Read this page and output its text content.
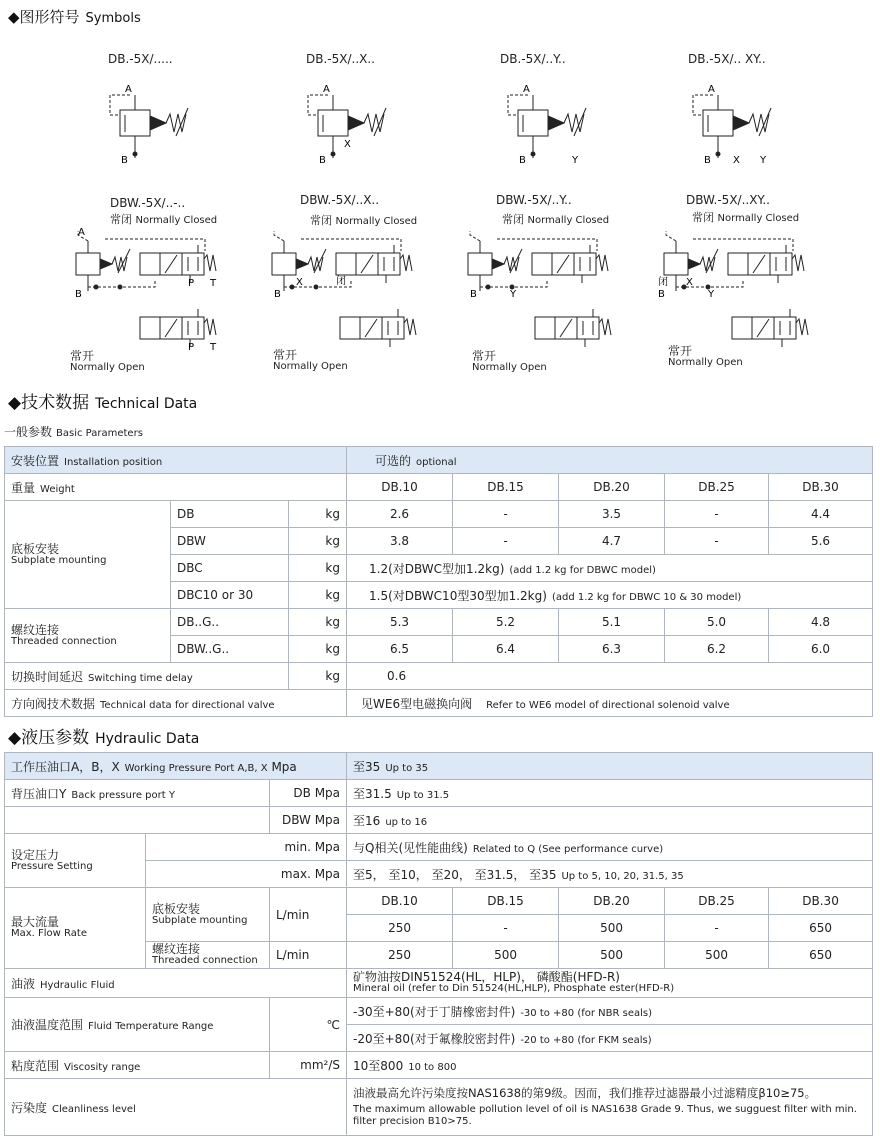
◆图形符号 Symbols
DB.-5X/.....	DB.-5X/..X..	DB.-5X/..Y..	DB.-5X/.. XY..
A
B
A
B
X
A
B	Y
A
B X Y
DBW.-5X/..-..
常闭 Normally Closed
DBW.-5X/..X..
常闭 Normally Closed
DBW.-5X/..Y..
常闭 Normally Closed
DBW.-5X/..XY..
常闭 Normally Closed
A
B
P T
P T
B
X	闭
B	Y
闭
B
X
Y
常开
Normally Open
常开
Normally Open
常开
Normally Open
常开
Normally Open
◆技术数据 Technical Data
一般参数 Basic Parameters
安装位置 Installation position			可选的 optional				
重量 Weight			DB.10	DB.15	DB.20	DB.25	DB.30
底板安装
Subplate mounting	DB	kg	2.6	-	3.5	-	4.4
	DBW	kg	3.8	-	4.7	-	5.6
	DBC	kg	1.2(对DBWC型加1.2kg) (add 1.2 kg for DBWC model)				
	DBC10 or 30	kg	1.5(对DBWC10型30型加1.2kg) (add 1.2 kg for DBWC 10 & 30 model)				
螺纹连接
Threaded connection	DB..G..	kg	5.3	5.2	5.1	5.0	4.8
	DBW..G..	kg	6.5	6.4	6.3	6.2	6.0
切换时间延迟 Switching time delay		kg	0.6				
方向阀技术数据 Technical data for directional valve			见WE6型电磁换向阀 Refer to WE6 model of directional solenoid valve				
◆液压参数 Hydraulic Data
工作压油口A，B，X Working Pressure Port A,B, X Mpa			至35 Up to 35				
背压油口Y Back pressure port Y		DB Mpa	至31.5 Up to 31.5				
		DBW Mpa	至16 up to 16				
设定压力
Pressure Setting	min. Mpa		与Q相关(见性能曲线) Related to Q (See performance curve)				
	max. Mpa		至5， 至10， 至20， 至31.5， 至35 Up to 5, 10, 20, 31.5, 35				
最大流量
Max. Flow Rate	底板安装
Subplate mounting	L/min	DB.10	DB.15	DB.20	DB.25	DB.30
			250	-	500	-	650
	螺纹连接
Threaded connection	L/min	250	500	500	500	650
油液 Hydraulic Fluid			矿物油按DIN51524(HL，HLP)， 磷酸酯(HFD-R)
Mineral oil (refer to Din 51524(HL,HLP), Phosphate ester(HFD-R)				

油液温度范围 Fluid Temperature Range		℃	-30至+80(对于丁腈橡密封件) -30 to +80 (for NBR seals)				
			-20至+80(对于氟橡胶密封件) -20 to +80 (for FKM seals)				
粘度范围 Viscosity range		mm²/S	10至800 10 to 800				
污染度 Cleanliness level			油液最高允许污染度按NAS1638的第9级。因而，我们推荐过滤器最小过滤精度β10≥75。
The maximum allowable pollution level of oil is NAS1638 Grade 9. Thus, we sugguest filter with min. filter precision B10>75.				
